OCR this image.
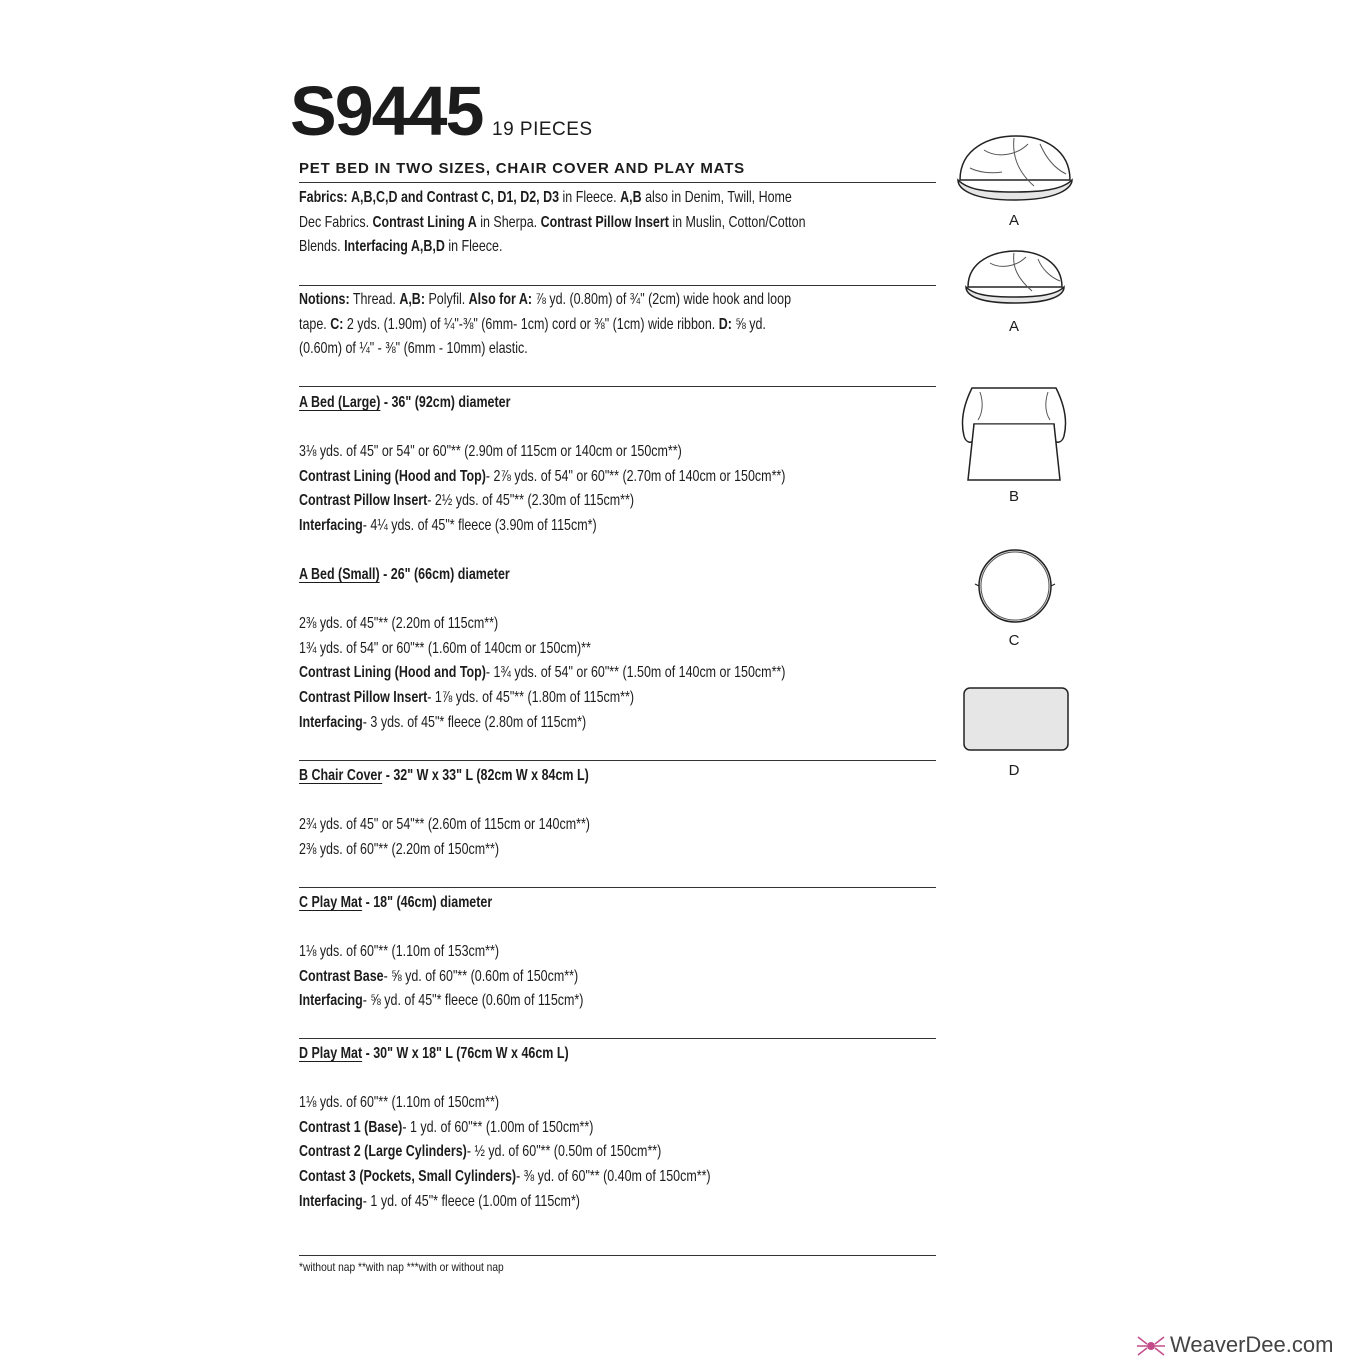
S9445 19 PIECES
PET BED IN TWO SIZES, CHAIR COVER AND PLAY MATS
Fabrics: A,B,C,D and Contrast C, D1, D2, D3 in Fleece. A,B also in Denim, Twill, Home
Dec Fabrics. Contrast Lining A in Sherpa. Contrast Pillow Insert in Muslin, Cotton/Cotton
Blends. Interfacing A,B,D in Fleece.
Notions: Thread. A,B: Polyfil. Also for A: ⅞ yd. (0.80m) of ¾" (2cm) wide hook and loop
tape. C: 2 yds. (1.90m) of ¼"-⅜" (6mm- 1cm) cord or ⅜" (1cm) wide ribbon. D: ⅝ yd.
(0.60m) of ¼" - ⅜" (6mm - 10mm) elastic.
A Bed (Large) - 36" (92cm) diameter

3⅛ yds. of 45" or 54" or 60"** (2.90m of 115cm or 140cm or 150cm**)
Contrast Lining (Hood and Top)- 2⅞ yds. of 54" or 60"** (2.70m of 140cm or 150cm**)
Contrast Pillow Insert- 2½ yds. of 45"** (2.30m of 115cm**)
Interfacing- 4¼ yds. of 45"* fleece (3.90m of 115cm*)
A Bed (Small) - 26" (66cm) diameter

2⅜ yds. of 45"** (2.20m of 115cm**)
1¾ yds. of 54" or 60"** (1.60m of 140cm or 150cm)**
Contrast Lining (Hood and Top)- 1¾ yds. of 54" or 60"** (1.50m of 140cm or 150cm**)
Contrast Pillow Insert- 1⅞ yds. of 45"** (1.80m of 115cm**)
Interfacing- 3 yds. of 45"* fleece (2.80m of 115cm*)
B Chair Cover - 32" W x 33" L (82cm W x 84cm L)

2¾ yds. of 45" or 54"** (2.60m of 115cm or 140cm**)
2⅜ yds. of 60"** (2.20m of 150cm**)
C Play Mat - 18" (46cm) diameter

1⅛ yds. of 60"** (1.10m of 153cm**)
Contrast Base- ⅝ yd. of 60"** (0.60m of 150cm**)
Interfacing- ⅝ yd. of 45"* fleece (0.60m of 115cm*)
D Play Mat - 30" W x 18" L (76cm W x 46cm L)

1⅛ yds. of 60"** (1.10m of 150cm**)
Contrast 1 (Base)- 1 yd. of 60"** (1.00m of 150cm**)
Contrast 2 (Large Cylinders)- ½ yd. of 60"** (0.50m of 150cm**)
Contast 3 (Pockets, Small Cylinders)- ⅜ yd. of 60"** (0.40m of 150cm**)
Interfacing- 1 yd. of 45"* fleece (1.00m of 115cm*)
*without nap **with nap ***with or without nap
A
A
B
C
D
WeaverDee.com
